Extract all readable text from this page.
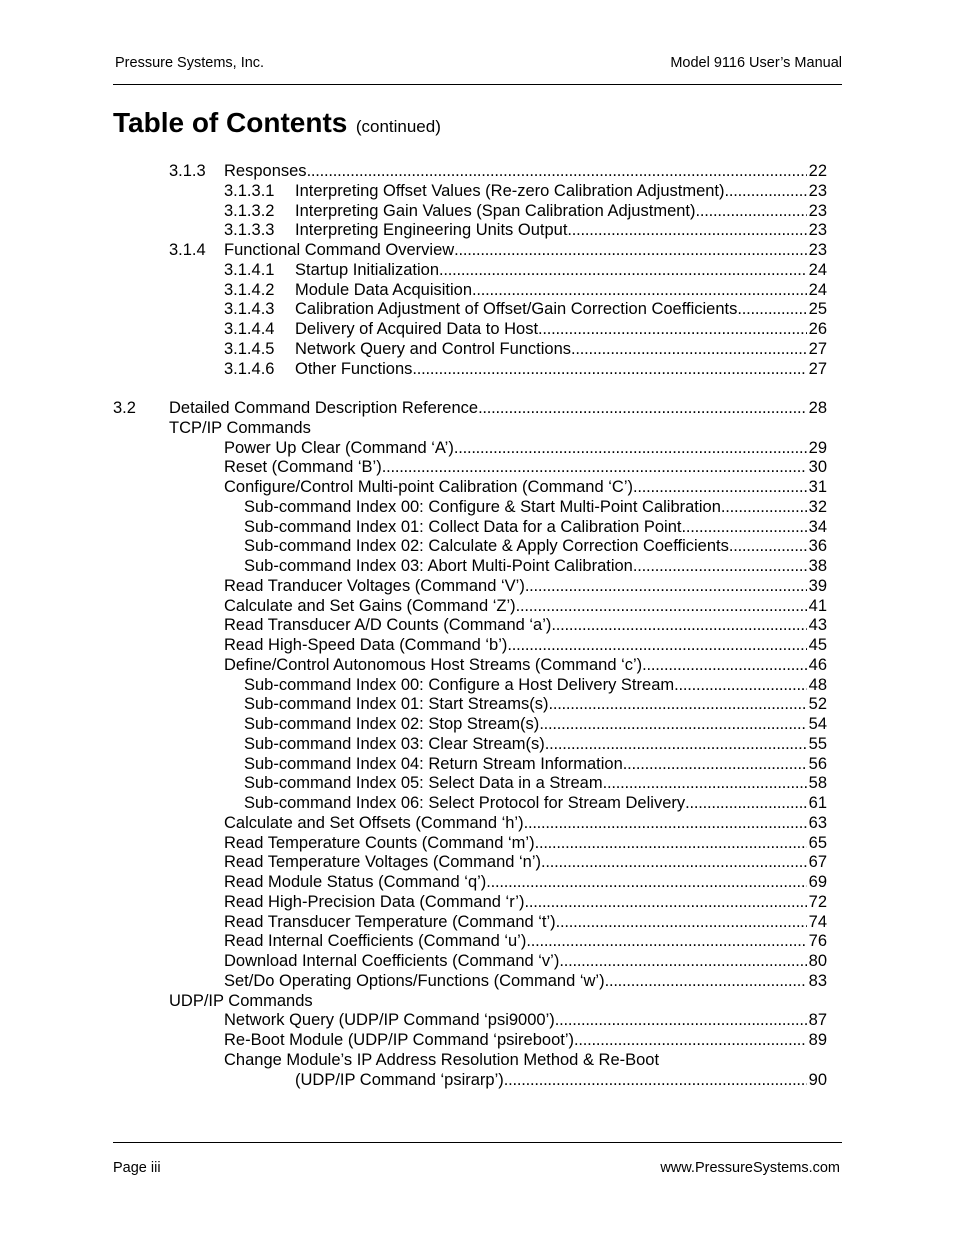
Pressure Systems, Inc.	Model 9116 User’s Manual
Table of Contents (continued)
3.1.3 Responses . . .	22
3.1.3.1 Interpreting Offset Values (Re-zero Calibration Adjustment) . . .	23
3.1.3.2 Interpreting Gain Values (Span Calibration Adjustment) . . .	23
3.1.3.3 Interpreting Engineering Units Output . . .	23
3.1.4 Functional Command Overview . . .	23
3.1.4.1 Startup Initialization . . .	24
3.1.4.2 Module Data Acquisition . . .	24
3.1.4.3 Calibration Adjustment of Offset/Gain Correction Coefficients . . .	25
3.1.4.4 Delivery of Acquired Data to Host . . .	26
3.1.4.5 Network Query and Control Functions . . .	27
3.1.4.6 Other Functions . . .	27
3.2 Detailed Command Description Reference . . .	28
TCP/IP Commands
Power Up Clear (Command ‘A’) . . .	29
Reset (Command ‘B’) . . .	30
Configure/Control Multi-point Calibration (Command ‘C’) . . .	31
Sub-command Index 00: Configure & Start Multi-Point Calibration . . .	32
Sub-command Index 01: Collect Data for a Calibration Point . . .	34
Sub-command Index 02: Calculate & Apply Correction Coefficients . . .	36
Sub-command Index 03: Abort Multi-Point Calibration . . .	38
Read Tranducer Voltages (Command ‘V’) . . .	39
Calculate and Set Gains (Command ‘Z’) . . .	41
Read Transducer A/D Counts (Command ‘a’) . . .	43
Read High-Speed Data (Command ‘b’) . . .	45
Define/Control Autonomous Host Streams (Command ‘c’) . . .	46
Sub-command Index 00: Configure a Host Delivery Stream . . .	48
Sub-command Index 01: Start Streams(s) . . .	52
Sub-command Index 02: Stop Stream(s) . . .	54
Sub-command Index 03: Clear Stream(s) . . .	55
Sub-command Index 04: Return Stream Information . . .	56
Sub-command Index 05: Select Data in a Stream . . .	58
Sub-command Index 06: Select Protocol for Stream Delivery . . .	61
Calculate and Set Offsets (Command ‘h’) . . .	63
Read Temperature Counts (Command ‘m’) . . .	65
Read Temperature Voltages (Command ‘n’) . . .	67
Read Module Status (Command ‘q’) . . .	69
Read High-Precision Data (Command ‘r’) . . .	72
Read Transducer Temperature (Command ‘t’) . . .	74
Read Internal Coefficients (Command ‘u’) . . .	76
Download Internal Coefficients (Command ‘v’) . . .	80
Set/Do Operating Options/Functions (Command ‘w’) . . .	83
UDP/IP Commands
Network Query (UDP/IP Command ‘psi9000’) . . .	87
Re-Boot Module (UDP/IP Command ‘psireboot’) . . .	89
Change Module’s IP Address Resolution Method & Re-Boot
(UDP/IP Command ‘psirarp’) . . .	90
Page iii	www.PressureSystems.com
